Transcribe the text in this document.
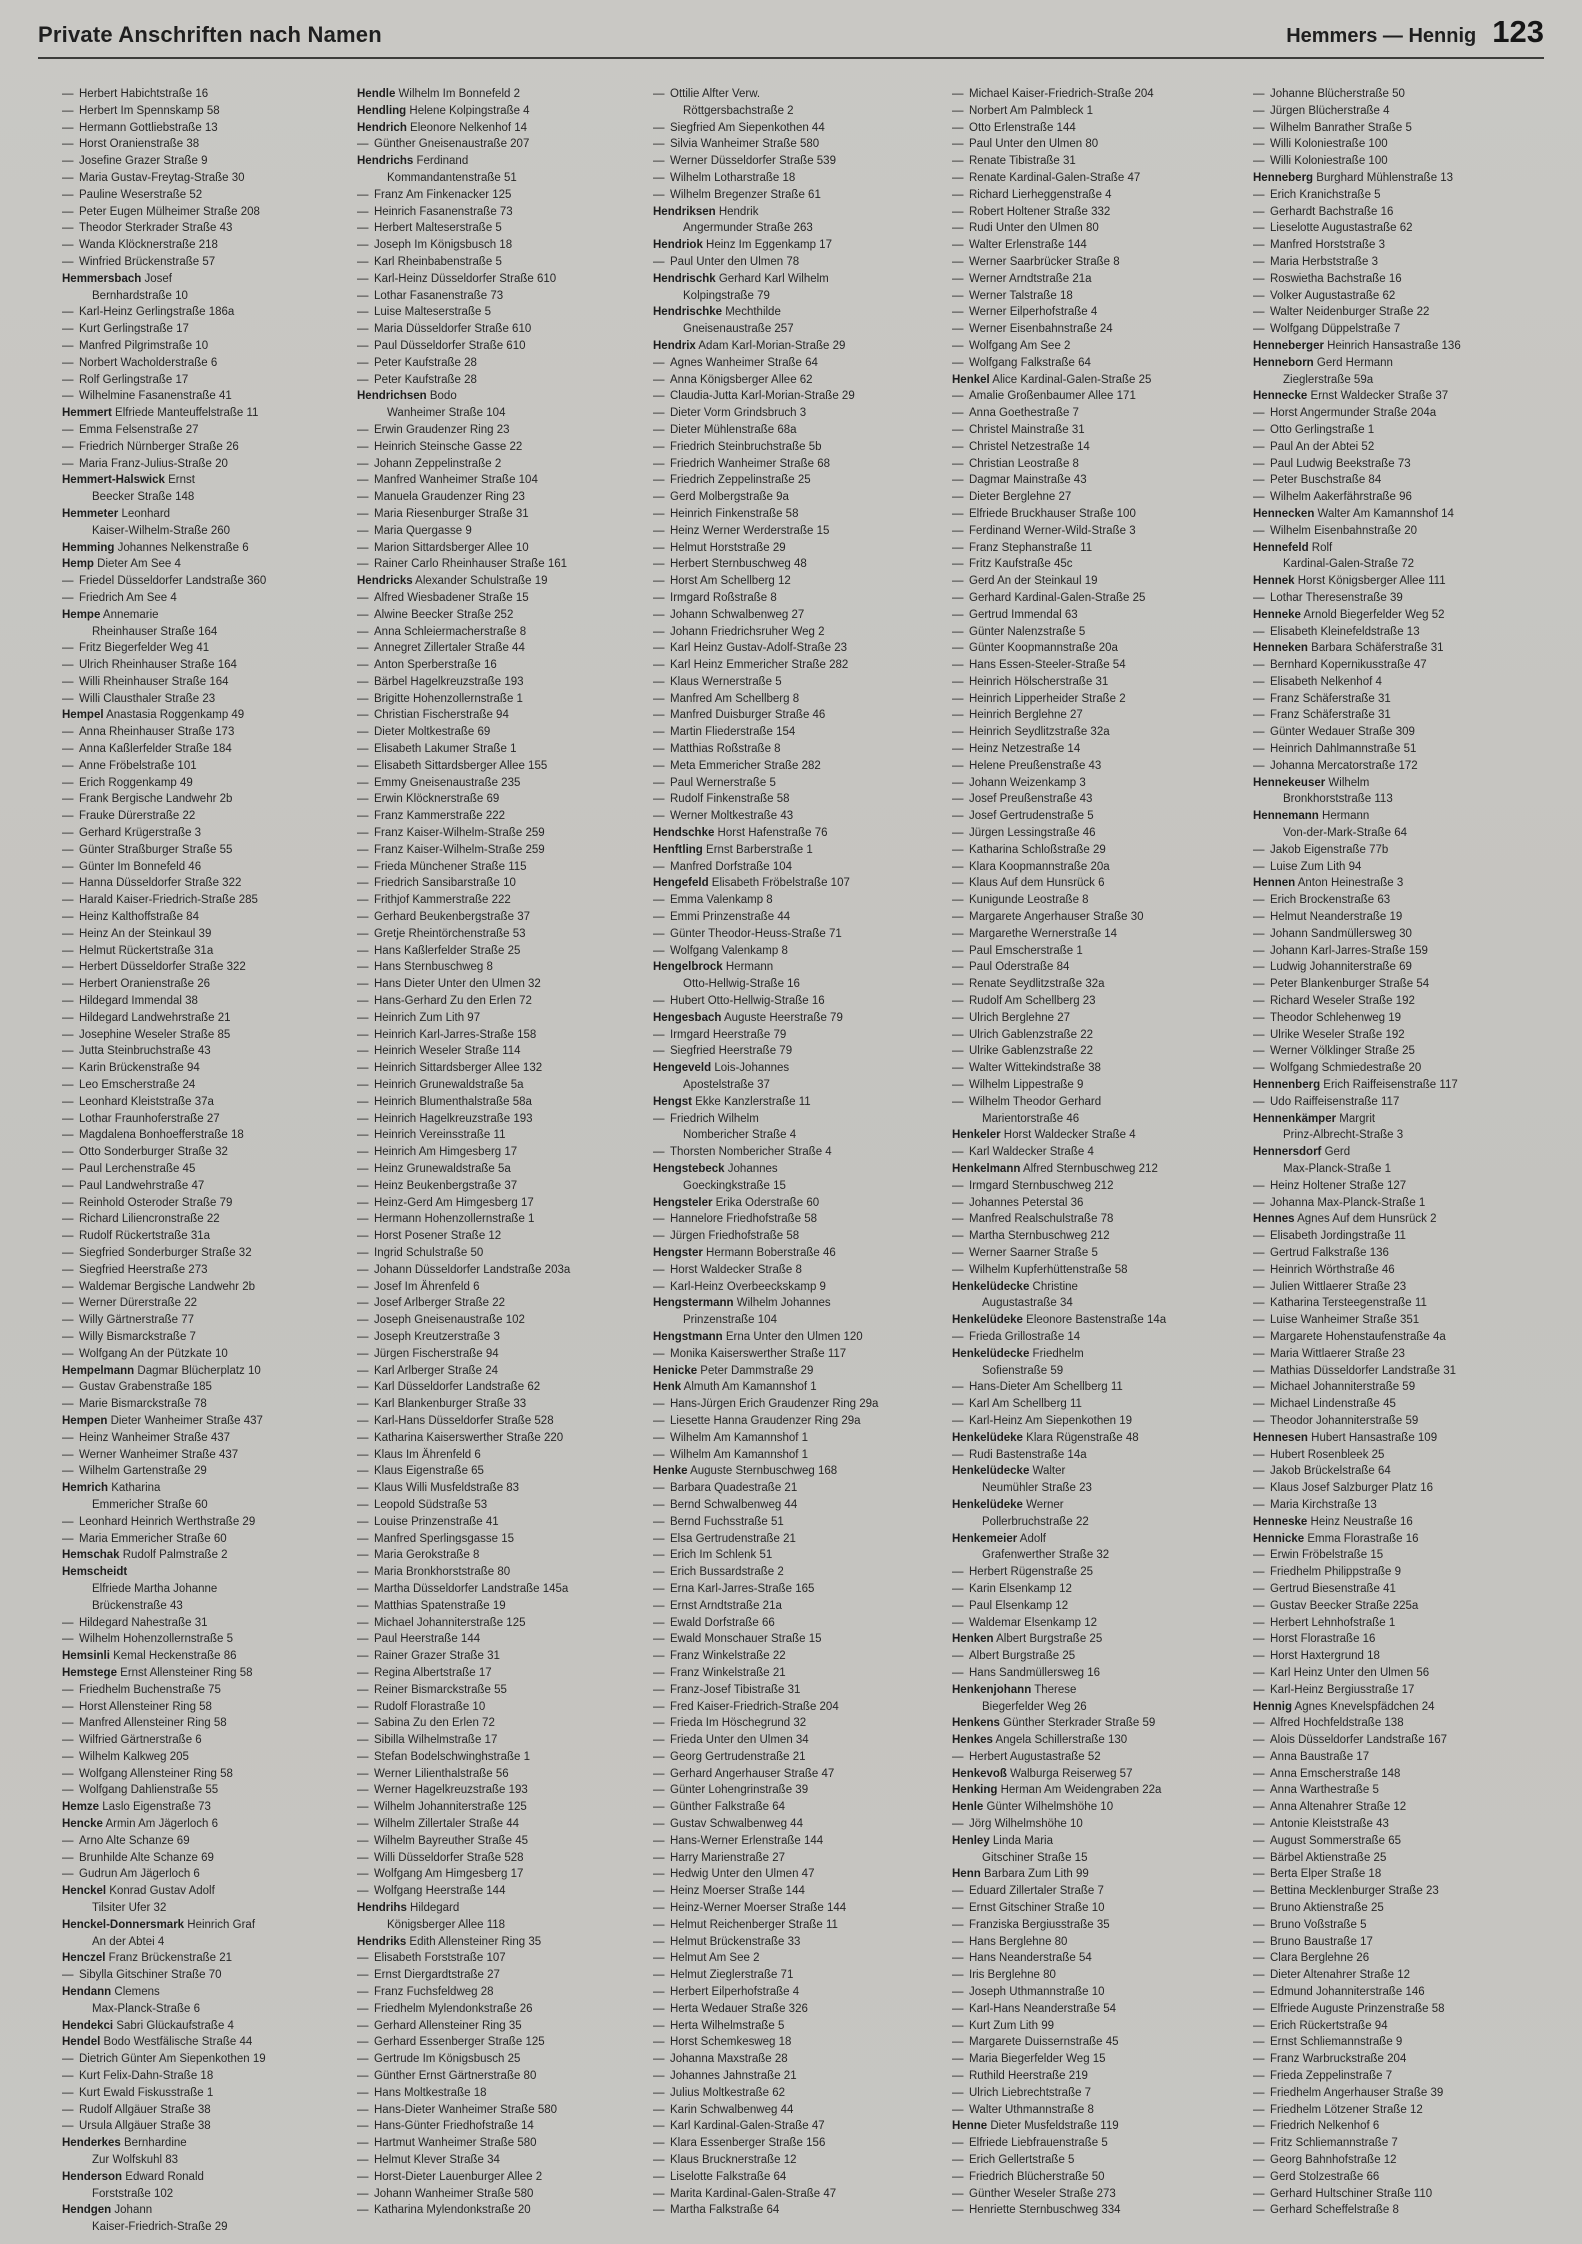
Private Anschriften nach Namen	Hemmers — Hennig 123
— Herbert Habichtstraße 16
— Herbert Im Spennskamp 58
— Hermann Gottliebstraße 13
— Horst Oranienstraße 38
— Josefine Grazer Straße 9
— Maria Gustav-Freytag-Straße 30
— Pauline Weserstraße 52
— Peter Eugen Mülheimer Straße 208
— Theodor Sterkrader Straße 43
— Wanda Klöcknerstraße 218
— Winfried Brückenstraße 57
Hemmersbach Josef
Bernhardstraße 10
— Karl-Heinz Gerlingstraße 186a
— Kurt Gerlingstraße 17
— Manfred Pilgrimstraße 10
— Norbert Wacholderstraße 6
— Rolf Gerlingstraße 17
— Wilhelmine Fasanenstraße 41
Hemmert Elfriede Manteuffelstraße 11
— Emma Felsenstraße 27
— Friedrich Nürnberger Straße 26
— Maria Franz-Julius-Straße 20
Hemmert-Halswick Ernst
Beecker Straße 148
Hemmeter Leonhard
Kaiser-Wilhelm-Straße 260
Hemming Johannes Nelkenstraße 6
Hemp Dieter Am See 4
— Friedel Düsseldorfer Landstraße 360
— Friedrich Am See 4
Hempe Annemarie
Rheinhauser Straße 164
— Fritz Biegerfelder Weg 41
— Ulrich Rheinhauser Straße 164
— Willi Rheinhauser Straße 164
— Willi Clausthaler Straße 23
Hempel Anastasia Roggenkamp 49
— Anna Rheinhauser Straße 173
— Anna Kaßlerfelder Straße 184
— Anne Fröbelstraße 101
— Erich Roggenkamp 49
— Frank Bergische Landwehr 2b
— Frauke Dürerstraße 22
— Gerhard Krügerstraße 3
— Günter Straßburger Straße 55
— Günter Im Bonnefeld 46
— Hanna Düsseldorfer Straße 322
— Harald Kaiser-Friedrich-Straße 285
— Heinz Kalthoffstraße 84
— Heinz An der Steinkaul 39
— Helmut Rückertstraße 31a
— Herbert Düsseldorfer Straße 322
— Herbert Oranienstraße 26
— Hildegard Immendal 38
— Hildegard Landwehrstraße 21
— Josephine Weseler Straße 85
— Jutta Steinbruchstraße 43
— Karin Brückenstraße 94
— Leo Emscherstraße 24
— Leonhard Kleiststraße 37a
— Lothar Fraunhoferstraße 27
— Magdalena Bonhoefferstraße 18
— Otto Sonderburger Straße 32
— Paul Lerchenstraße 45
— Paul Landwehrstraße 47
— Reinhold Osteroder Straße 79
— Richard Liliencronstraße 22
— Rudolf Rückertstraße 31a
— Siegfried Sonderburger Straße 32
— Siegfried Heerstraße 273
— Waldemar Bergische Landwehr 2b
— Werner Dürerstraße 22
— Willy Gärtnerstraße 77
— Willy Bismarckstraße 7
— Wolfgang An der Pützkate 10
Hempelmann Dagmar Blücherplatz 10
— Gustav Grabenstraße 185
— Marie Bismarckstraße 78
Hempen Dieter Wanheimer Straße 437
— Heinz Wanheimer Straße 437
— Werner Wanheimer Straße 437
— Wilhelm Gartenstraße 29
Hemrich Katharina
Emmericher Straße 60
— Leonhard Heinrich Werthstraße 29
— Maria Emmericher Straße 60
Hemschak Rudolf Palmstraße 2
Hemscheidt
Elfriede Martha Johanne
Brückenstraße 43
— Hildegard Nahestraße 31
— Wilhelm Hohenzollernstraße 5
Hemsinli Kemal Heckenstraße 86
Hemstege Ernst Allensteiner Ring 58
— Friedhelm Buchenstraße 75
— Horst Allensteiner Ring 58
— Manfred Allensteiner Ring 58
— Wilfried Gärtnerstraße 6
— Wilhelm Kalkweg 205
— Wolfgang Allensteiner Ring 58
— Wolfgang Dahlienstraße 55
Hemze Laslo Eigenstraße 73
Hencke Armin Am Jägerloch 6
— Arno Alte Schanze 69
— Brunhilde Alte Schanze 69
— Gudrun Am Jägerloch 6
Henckel Konrad Gustav Adolf
Tilsiter Ufer 32
Henckel-Donnersmark Heinrich Graf
An der Abtei 4
Henczel Franz Brückenstraße 21
— Sibylla Gitschiner Straße 70
Hendann Clemens
Max-Planck-Straße 6
Hendekci Sabri Glückaufstraße 4
Hendel Bodo Westfälische Straße 44
— Dietrich Günter Am Siepenkothen 19
— Kurt Felix-Dahn-Straße 18
— Kurt Ewald Fiskusstraße 1
— Rudolf Allgäuer Straße 38
— Ursula Allgäuer Straße 38
Henderkes Bernhardine
Zur Wolfskuhl 83
Henderson Edward Ronald
Forststraße 102
Hendgen Johann
Kaiser-Friedrich-Straße 29
Hendle Wilhelm Im Bonnefeld 2
Hendling Helene Kolpingstraße 4
Hendrich Eleonore Nelkenhof 14
— Günther Gneisenaustraße 207
Hendrichs Ferdinand
Kommandantenstraße 51
— Franz Am Finkenacker 125
— Heinrich Fasanenstraße 73
— Herbert Malteserstraße 5
— Joseph Im Königsbusch 18
— Karl Rheinbabenstraße 5
— Karl-Heinz Düsseldorfer Straße 610
— Lothar Fasanenstraße 73
— Luise Malteserstraße 5
— Maria Düsseldorfer Straße 610
— Paul Düsseldorfer Straße 610
— Peter Kaufstraße 28
— Peter Kaufstraße 28
Hendrichsen Bodo
Wanheimer Straße 104
— Erwin Graudenzer Ring 23
— Heinrich Steinsche Gasse 22
— Johann Zeppelinstraße 2
— Manfred Wanheimer Straße 104
— Manuela Graudenzer Ring 23
— Maria Riesenburger Straße 31
— Maria Quergasse 9
— Marion Sittardsberger Allee 10
— Rainer Carlo Rheinhauser Straße 161
Hendricks Alexander Schulstraße 19
— Alfred Wiesbadener Straße 15
— Alwine Beecker Straße 252
— Anna Schleiermacherstraße 8
— Annegret Zillertaler Straße 44
— Anton Sperberstraße 16
— Bärbel Hagelkreuzstraße 193
— Brigitte Hohenzollernstraße 1
— Christian Fischerstraße 94
— Dieter Moltkestraße 69
— Elisabeth Lakumer Straße 1
— Elisabeth Sittardsberger Allee 155
— Emmy Gneisenaustraße 235
— Erwin Klöcknerstraße 69
— Franz Kammerstraße 222
— Franz Kaiser-Wilhelm-Straße 259
— Franz Kaiser-Wilhelm-Straße 259
— Frieda Münchener Straße 115
— Friedrich Sansibarstraße 10
— Frithjof Kammerstraße 222
— Gerhard Beukenbergstraße 37
— Gretje Rheintörchenstraße 53
— Hans Kaßlerfelder Straße 25
— Hans Sternbuschweg 8
— Hans Dieter Unter den Ulmen 32
— Hans-Gerhard Zu den Erlen 72
— Heinrich Zum Lith 97
— Heinrich Karl-Jarres-Straße 158
— Heinrich Weseler Straße 114
— Heinrich Sittardsberger Allee 132
— Heinrich Grunewaldstraße 5a
— Heinrich Blumenthalstraße 58a
— Heinrich Hagelkreuzstraße 193
— Heinrich Vereinsstraße 11
— Heinrich Am Himgesberg 17
— Heinz Grunewaldstraße 5a
— Heinz Beukenbergstraße 37
— Heinz-Gerd Am Himgesberg 17
— Hermann Hohenzollernstraße 1
— Horst Posener Straße 12
— Ingrid Schulstraße 50
— Johann Düsseldorfer Landstraße 203a
— Josef Im Ährenfeld 6
— Josef Arlberger Straße 22
— Joseph Gneisenaustraße 102
— Joseph Kreutzerstraße 3
— Jürgen Fischerstraße 94
— Karl Arlberger Straße 24
— Karl Düsseldorfer Landstraße 62
— Karl Blankenburger Straße 33
— Karl-Hans Düsseldorfer Straße 528
— Katharina Kaiserswerther Straße 220
— Klaus Im Ährenfeld 6
— Klaus Eigenstraße 65
— Klaus Willi Musfeldstraße 83
— Leopold Südstraße 53
— Louise Prinzenstraße 41
— Manfred Sperlingsgasse 15
— Maria Gerokstraße 8
— Maria Bronkhorststraße 80
— Martha Düsseldorfer Landstraße 145a
— Matthias Spatenstraße 19
— Michael Johanniterstraße 125
— Paul Heerstraße 144
— Rainer Grazer Straße 31
— Regina Albertstraße 17
— Reiner Bismarckstraße 55
— Rudolf Florastraße 10
— Sabina Zu den Erlen 72
— Sibilla Wilhelmstraße 17
— Stefan Bodelschwinghstraße 1
— Werner Lilienthalstraße 56
— Werner Hagelkreuzstraße 193
— Wilhelm Johanniterstraße 125
— Wilhelm Zillertaler Straße 44
— Wilhelm Bayreuther Straße 45
— Willi Düsseldorfer Straße 528
— Wolfgang Am Himgesberg 17
— Wolfgang Heerstraße 144
Hendrihs Hildegard
Königsberger Allee 118
Hendriks Edith Allensteiner Ring 35
— Elisabeth Forststraße 107
— Ernst Diergardtstraße 27
— Franz Fuchsfeldweg 28
— Friedhelm Mylendonkstraße 26
— Gerhard Allensteiner Ring 35
— Gerhard Essenberger Straße 125
— Gertrude Im Königsbusch 25
— Günther Ernst Gärtnerstraße 80
— Hans Moltkestraße 18
— Hans-Dieter Wanheimer Straße 580
— Hans-Günter Friedhofstraße 14
— Hartmut Wanheimer Straße 580
— Helmut Klever Straße 34
— Horst-Dieter Lauenburger Allee 2
— Johann Wanheimer Straße 580
— Katharina Mylendonkstraße 20
— Ottilie Alfter Verw.
Röttgersbachstraße 2
— Siegfried Am Siepenkothen 44
— Silvia Wanheimer Straße 580
— Werner Düsseldorfer Straße 539
— Wilhelm Lotharstraße 18
— Wilhelm Bregenzer Straße 61
Hendriksen Hendrik
Angermunder Straße 263
Hendriok Heinz Im Eggenkamp 17
— Paul Unter den Ulmen 78
Hendrischk Gerhard Karl Wilhelm
Kolpingstraße 79
Hendrischke Mechthilde
Gneisenaustraße 257
Hendrix Adam Karl-Morian-Straße 29
— Agnes Wanheimer Straße 64
— Anna Königsberger Allee 62
— Claudia-Jutta Karl-Morian-Straße 29
— Dieter Vorm Grindsbruch 3
— Dieter Mühlenstraße 68a
— Friedrich Steinbruchstraße 5b
— Friedrich Wanheimer Straße 68
— Friedrich Zeppelinstraße 25
— Gerd Molbergstraße 9a
— Heinrich Finkenstraße 58
— Heinz Werner Werderstraße 15
— Helmut Horststraße 29
— Herbert Sternbuschweg 48
— Horst Am Schellberg 12
— Irmgard Roßstraße 8
— Johann Schwalbenweg 27
— Johann Friedrichsruher Weg 2
— Karl Heinz Gustav-Adolf-Straße 23
— Karl Heinz Emmericher Straße 282
— Klaus Wernerstraße 5
— Manfred Am Schellberg 8
— Manfred Duisburger Straße 46
— Martin Fliederstraße 154
— Matthias Roßstraße 8
— Meta Emmericher Straße 282
— Paul Wernerstraße 5
— Rudolf Finkenstraße 58
— Werner Moltkestraße 43
Hendschke Horst Hafenstraße 76
Henftling Ernst Barberstraße 1
— Manfred Dorfstraße 104
Hengefeld Elisabeth Fröbelstraße 107
— Emma Valenkamp 8
— Emmi Prinzenstraße 44
— Günter Theodor-Heuss-Straße 71
— Wolfgang Valenkamp 8
Hengelbrock Hermann
Otto-Hellwig-Straße 16
— Hubert Otto-Hellwig-Straße 16
Hengesbach Auguste Heerstraße 79
— Irmgard Heerstraße 79
— Siegfried Heerstraße 79
Hengeveld Lois-Johannes
Apostelstraße 37
Hengst Ekke Kanzlerstraße 11
— Friedrich Wilhelm
Nombericher Straße 4
— Thorsten Nombericher Straße 4
Hengstebeck Johannes
Goeckingkstraße 15
Hengsteler Erika Oderstraße 60
— Hannelore Friedhofstraße 58
— Jürgen Friedhofstraße 58
Hengster Hermann Boberstraße 46
— Horst Waldecker Straße 8
— Karl-Heinz Overbeeckskamp 9
Hengstermann Wilhelm Johannes
Prinzenstraße 104
Hengstmann Erna Unter den Ulmen 120
— Monika Kaiserswerther Straße 117
Henicke Peter Dammstraße 29
Henk Almuth Am Kamannshof 1
— Hans-Jürgen Erich Graudenzer Ring 29a
— Liesette Hanna Graudenzer Ring 29a
— Wilhelm Am Kamannshof 1
— Wilhelm Am Kamannshof 1
Henke Auguste Sternbuschweg 168
— Barbara Quadestraße 21
— Bernd Schwalbenweg 44
— Bernd Fuchsstraße 51
— Elsa Gertrudenstraße 21
— Erich Im Schlenk 51
— Erich Bussardstraße 2
— Erna Karl-Jarres-Straße 165
— Ernst Arndtstraße 21a
— Ewald Dorfstraße 66
— Ewald Monschauer Straße 15
— Franz Winkelstraße 22
— Franz Winkelstraße 21
— Franz-Josef Tibistraße 31
— Fred Kaiser-Friedrich-Straße 204
— Frieda Im Höschegrund 32
— Frieda Unter den Ulmen 34
— Georg Gertrudenstraße 21
— Gerhard Angerhauser Straße 47
— Günter Lohengrinstraße 39
— Günther Falkstraße 64
— Gustav Schwalbenweg 44
— Hans-Werner Erlenstraße 144
— Harry Marienstraße 27
— Hedwig Unter den Ulmen 47
— Heinz Moerser Straße 144
— Heinz-Werner Moerser Straße 144
— Helmut Reichenberger Straße 11
— Helmut Brückenstraße 33
— Helmut Am See 2
— Helmut Zieglerstraße 71
— Herbert Eilperhofstraße 4
— Herta Wedauer Straße 326
— Herta Wilhelmstraße 5
— Horst Schemkesweg 18
— Johanna Maxstraße 28
— Johannes Jahnstraße 21
— Julius Moltkestraße 62
— Karin Schwalbenweg 44
— Karl Kardinal-Galen-Straße 47
— Klara Essenberger Straße 156
— Klaus Brucknerstraße 12
— Liselotte Falkstraße 64
— Marita Kardinal-Galen-Straße 47
— Martha Falkstraße 64
— Michael Kaiser-Friedrich-Straße 204
— Norbert Am Palmbleck 1
— Otto Erlenstraße 144
— Paul Unter den Ulmen 80
— Renate Tibistraße 31
— Renate Kardinal-Galen-Straße 47
— Richard Lierheggenstraße 4
— Robert Holtener Straße 332
— Rudi Unter den Ulmen 80
— Walter Erlenstraße 144
— Werner Saarbrücker Straße 8
— Werner Arndtstraße 21a
— Werner Talstraße 18
— Werner Eilperhofstraße 4
— Werner Eisenbahnstraße 24
— Wolfgang Am See 2
— Wolfgang Falkstraße 64
Henkel Alice Kardinal-Galen-Straße 25
— Amalie Großenbaumer Allee 171
— Anna Goethestraße 7
— Christel Mainstraße 31
— Christel Netzestraße 14
— Christian Leostraße 8
— Dagmar Mainstraße 43
— Dieter Berglehne 27
— Elfriede Bruckhauser Straße 100
— Ferdinand Werner-Wild-Straße 3
— Franz Stephanstraße 11
— Fritz Kaufstraße 45c
— Gerd An der Steinkaul 19
— Gerhard Kardinal-Galen-Straße 25
— Gertrud Immendal 63
— Günter Nalenzstraße 5
— Günter Koopmannstraße 20a
— Hans Essen-Steeler-Straße 54
— Heinrich Hölscherstraße 31
— Heinrich Lipperheider Straße 2
— Heinrich Berglehne 27
— Heinrich Seydlitzstraße 32a
— Heinz Netzestraße 14
— Helene Preußenstraße 43
— Johann Weizenkamp 3
— Josef Preußenstraße 43
— Josef Gertrudenstraße 5
— Jürgen Lessingstraße 46
— Katharina Schloßstraße 29
— Klara Koopmannstraße 20a
— Klaus Auf dem Hunsrück 6
— Kunigunde Leostraße 8
— Margarete Angerhauser Straße 30
— Margarethe Wernerstraße 14
— Paul Emscherstraße 1
— Paul Oderstraße 84
— Renate Seydlitzstraße 32a
— Rudolf Am Schellberg 23
— Ulrich Berglehne 27
— Ulrich Gablenzstraße 22
— Ulrike Gablenzstraße 22
— Walter Wittekindstraße 38
— Wilhelm Lippestraße 9
— Wilhelm Theodor Gerhard
Marientorstraße 46
Henkeler Horst Waldecker Straße 4
— Karl Waldecker Straße 4
Henkelmann Alfred Sternbuschweg 212
— Irmgard Sternbuschweg 212
— Johannes Peterstal 36
— Manfred Realschulstraße 78
— Martha Sternbuschweg 212
— Werner Saarner Straße 5
— Wilhelm Kupferhüttenstraße 58
Henkelüdecke Christine
Augustastraße 34
Henkelüdeke Eleonore Bastenstraße 14a
— Frieda Grillostraße 14
Henkelüdecke Friedhelm
Sofienstraße 59
— Hans-Dieter Am Schellberg 11
— Karl Am Schellberg 11
— Karl-Heinz Am Siepenkothen 19
Henkelüdeke Klara Rügenstraße 48
— Rudi Bastenstraße 14a
Henkelüdecke Walter
Neumühler Straße 23
Henkelüdeke Werner
Pollerbruchstraße 22
Henkemeier Adolf
Grafenwerther Straße 32
— Herbert Rügenstraße 25
— Karin Elsenkamp 12
— Paul Elsenkamp 12
— Waldemar Elsenkamp 12
Henken Albert Burgstraße 25
— Albert Burgstraße 25
— Hans Sandmüllersweg 16
Henkenjohann Therese
Biegerfelder Weg 26
Henkens Günther Sterkrader Straße 59
Henkes Angela Schillerstraße 130
— Herbert Augustastraße 52
Henkevoß Walburga Reiserweg 57
Henking Herman Am Weidengraben 22a
Henle Günter Wilhelmshöhe 10
— Jörg Wilhelmshöhe 10
Henley Linda Maria
Gitschiner Straße 15
Henn Barbara Zum Lith 99
— Eduard Zillertaler Straße 7
— Ernst Gitschiner Straße 10
— Franziska Bergiusstraße 35
— Hans Berglehne 80
— Hans Neanderstraße 54
— Iris Berglehne 80
— Joseph Uthmannstraße 10
— Karl-Hans Neanderstraße 54
— Kurt Zum Lith 99
— Margarete Duissernstraße 45
— Maria Biegerfelder Weg 15
— Ruthild Heerstraße 219
— Ulrich Liebrechtstraße 7
— Walter Uthmannstraße 8
Henne Dieter Musfeldstraße 119
— Elfriede Liebfrauenstraße 5
— Erich Gellertstraße 5
— Friedrich Blücherstraße 50
— Günther Weseler Straße 273
— Henriette Sternbuschweg 334
— Johanne Blücherstraße 50
— Jürgen Blücherstraße 4
— Wilhelm Banrather Straße 5
— Willi Koloniestraße 100
— Willi Koloniestraße 100
Henneberg Burghard Mühlenstraße 13
— Erich Kranichstraße 5
— Gerhardt Bachstraße 16
— Lieselotte Augustastraße 62
— Manfred Horststraße 3
— Maria Herbststraße 3
— Roswietha Bachstraße 16
— Volker Augustastraße 62
— Walter Neidenburger Straße 22
— Wolfgang Düppelstraße 7
Henneberger Heinrich Hansastraße 136
Henneborn Gerd Hermann
Zieglerstraße 59a
Hennecke Ernst Waldecker Straße 37
— Horst Angermunder Straße 204a
— Otto Gerlingstraße 1
— Paul An der Abtei 52
— Paul Ludwig Beekstraße 73
— Peter Buschstraße 84
— Wilhelm Aakerfährstraße 96
Hennecken Walter Am Kamannshof 14
— Wilhelm Eisenbahnstraße 20
Hennefeld Rolf
Kardinal-Galen-Straße 72
Hennek Horst Königsberger Allee 111
— Lothar Theresenstraße 39
Henneke Arnold Biegerfelder Weg 52
— Elisabeth Kleinefeldstraße 13
Henneken Barbara Schäferstraße 31
— Bernhard Kopernikusstraße 47
— Elisabeth Nelkenhof 4
— Franz Schäferstraße 31
— Franz Schäferstraße 31
— Günter Wedauer Straße 309
— Heinrich Dahlmannstraße 51
— Johanna Mercatorstraße 172
Hennekeuser Wilhelm
Bronkhorststraße 113
Hennemann Hermann
Von-der-Mark-Straße 64
— Jakob Eigenstraße 77b
— Luise Zum Lith 94
Hennen Anton Heinestraße 3
— Erich Brockenstraße 63
— Helmut Neanderstraße 19
— Johann Sandmüllersweg 30
— Johann Karl-Jarres-Straße 159
— Ludwig Johanniterstraße 69
— Peter Blankenburger Straße 54
— Richard Weseler Straße 192
— Theodor Schlehenweg 19
— Ulrike Weseler Straße 192
— Werner Völklinger Straße 25
— Wolfgang Schmiedestraße 20
Hennenberg Erich Raiffeisenstraße 117
— Udo Raiffeisenstraße 117
Hennenkämper Margrit
Prinz-Albrecht-Straße 3
Hennersdorf Gerd
Max-Planck-Straße 1
— Heinz Holtener Straße 127
— Johanna Max-Planck-Straße 1
Hennes Agnes Auf dem Hunsrück 2
— Elisabeth Jordingstraße 11
— Gertrud Falkstraße 136
— Heinrich Wörthstraße 46
— Julien Wittlaerer Straße 23
— Katharina Tersteegenstraße 11
— Luise Wanheimer Straße 351
— Margarete Hohenstaufenstraße 4a
— Maria Wittlaerer Straße 23
— Mathias Düsseldorfer Landstraße 31
— Michael Johanniterstraße 59
— Michael Lindenstraße 45
— Theodor Johanniterstraße 59
Hennesen Hubert Hansastraße 109
— Hubert Rosenbleek 25
— Jakob Brückelstraße 64
— Klaus Josef Salzburger Platz 16
— Maria Kirchstraße 13
Henneske Heinz Neustraße 16
Hennicke Emma Florastraße 16
— Erwin Fröbelstraße 15
— Friedhelm Philippstraße 9
— Gertrud Biesenstraße 41
— Gustav Beecker Straße 225a
— Herbert Lehnhofstraße 1
— Horst Florastraße 16
— Horst Haxtergrund 18
— Karl Heinz Unter den Ulmen 56
— Karl-Heinz Bergiusstraße 17
Hennig Agnes Knevelspfädchen 24
— Alfred Hochfeldstraße 138
— Alois Düsseldorfer Landstraße 167
— Anna Baustraße 17
— Anna Emscherstraße 148
— Anna Warthestraße 5
— Anna Altenahrer Straße 12
— Antonie Kleiststraße 43
— August Sommerstraße 65
— Bärbel Aktienstraße 25
— Berta Elper Straße 18
— Bettina Mecklenburger Straße 23
— Bruno Aktienstraße 25
— Bruno Voßstraße 5
— Bruno Baustraße 17
— Clara Berglehne 26
— Dieter Altenahrer Straße 12
— Edmund Johanniterstraße 146
— Elfriede Auguste Prinzenstraße 58
— Erich Rückertstraße 94
— Ernst Schliemannstraße 9
— Franz Warbruckstraße 204
— Frieda Zeppelinstraße 7
— Friedhelm Angerhauser Straße 39
— Friedhelm Lötzener Straße 12
— Friedrich Nelkenhof 6
— Fritz Schliemannstraße 7
— Georg Bahnhofstraße 12
— Gerd Stolzestraße 66
— Gerhard Hultschiner Straße 110
— Gerhard Scheffelstraße 8
